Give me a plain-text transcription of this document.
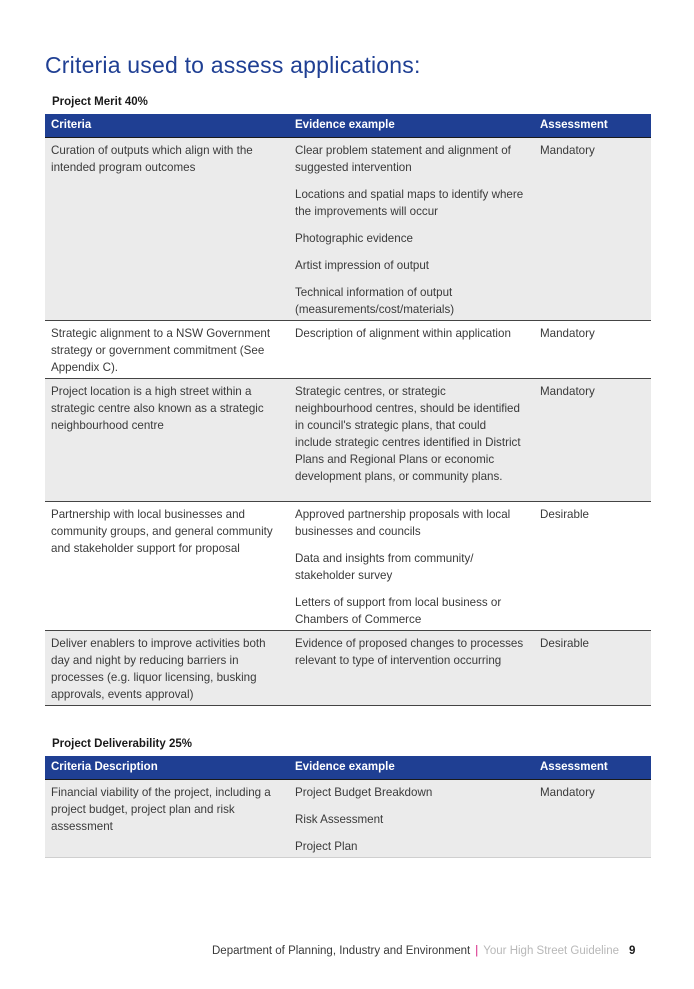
Criteria used to assess applications:
Project Merit 40%
Criteria	Evidence example	Assessment
Curation of outputs which align with the intended program outcomes	Clear problem statement and alignment of suggested intervention
Locations and spatial maps to identify where the improvements will occur
Photographic evidence
Artist impression of output
Technical information of output (measurements/cost/materials)	Mandatory
Strategic alignment to a NSW Government strategy or government commitment (See Appendix C).	Description of alignment within application	Mandatory
Project location is a high street within a strategic centre also known as a strategic neighbourhood centre	Strategic centres, or strategic neighbourhood centres, should be identified in council's strategic plans, that could include strategic centres identified in District Plans and Regional Plans or economic development plans, or community plans.	Mandatory
Partnership with local businesses and community groups, and general community and stakeholder support for proposal	Approved partnership proposals with local businesses and councils
Data and insights from community/ stakeholder survey
Letters of support from local business or Chambers of Commerce	Desirable
Deliver enablers to improve activities both day and night by reducing barriers in processes (e.g. liquor licensing, busking approvals, events approval)	Evidence of proposed changes to processes relevant to type of intervention occurring	Desirable
Project Deliverability 25%
Criteria Description	Evidence example	Assessment
Financial viability of the project, including a project budget, project plan and risk assessment	Project Budget Breakdown
Risk Assessment
Project Plan	Mandatory
Department of Planning, Industry and Environment | Your High Street Guideline 9
